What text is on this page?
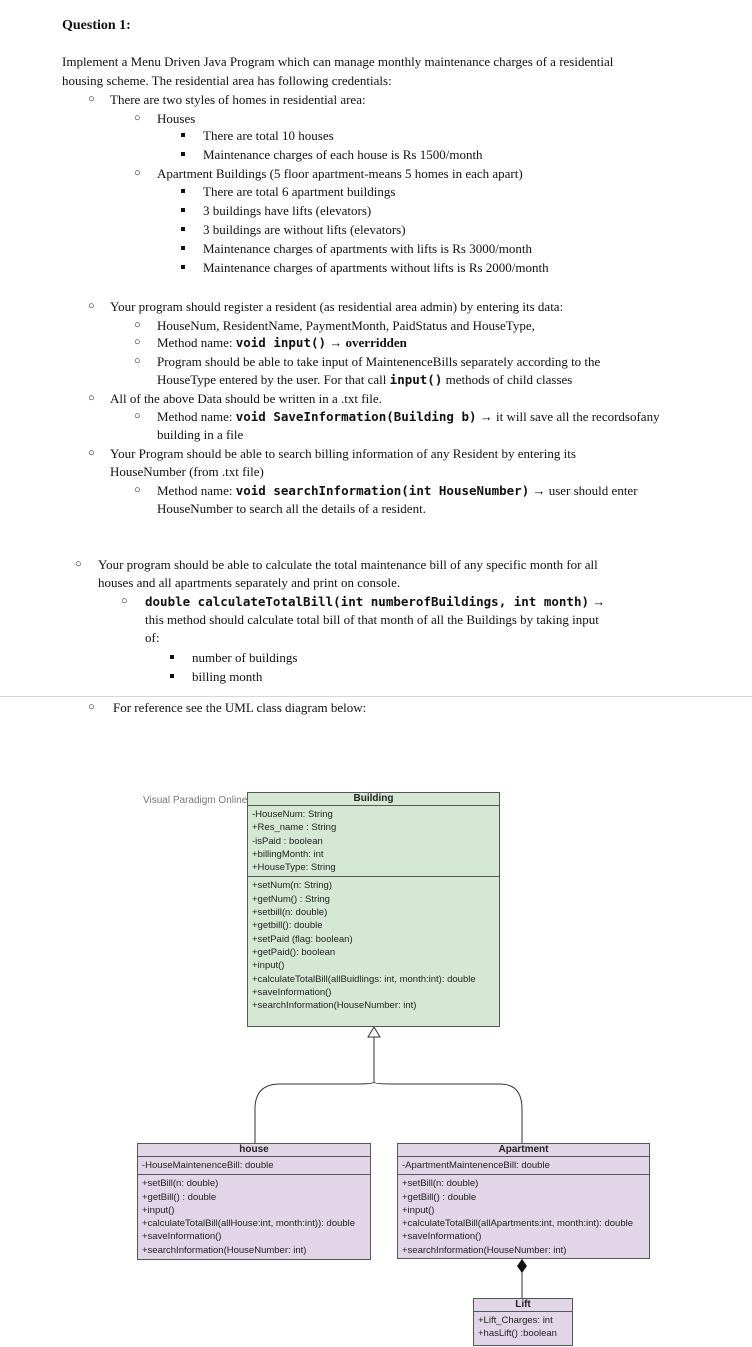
Question 1:
Implement a Menu Driven Java Program which can manage monthly maintenance charges of a residential
housing scheme. The residential area has following credentials:
○ There are two styles of homes in residential area:
○ Houses
There are total 10 houses
Maintenance charges of each house is Rs 1500/month
○ Apartment Buildings (5 floor apartment-means 5 homes in each apart)
There are total 6 apartment buildings
3 buildings have lifts (elevators)
3 buildings are without lifts (elevators)
Maintenance charges of apartments with lifts is Rs 3000/month
Maintenance charges of apartments without lifts is Rs 2000/month
○ Your program should register a resident (as residential area admin) by entering its data:
○ HouseNum, ResidentName, PaymentMonth, PaidStatus and HouseType,
○ Method name: void input() → overridden
○ Program should be able to take input of MaintenenceBills separately according to the
HouseType entered by the user. For that call input() methods of child classes
○ All of the above Data should be written in a .txt file.
○ Method name: void SaveInformation(Building b) → it will save all the recordsofany
building in a file
○ Your Program should be able to search billing information of any Resident by entering its
HouseNumber (from .txt file)
○ Method name: void searchInformation(int HouseNumber) → user should enter
HouseNumber to search all the details of a resident.
○ Your program should be able to calculate the total maintenance bill of any specific month for all
houses and all apartments separately and print on console.
○ double calculateTotalBill(int numberofBuildings, int month) →
this method should calculate total bill of that month of all the Buildings by taking input
of:
number of buildings
billing month
○ For reference see the UML class diagram below:
Visual Paradigm Online	Building
-HouseNum: String
+Res_name : String
-isPaid : boolean
+billingMonth: int
+HouseType: String
+setNum(n: String)
+getNum() : String
+setbill(n: double)
+getbill(): double
+setPaid (flag: boolean)
+getPaid(): boolean
+input()
+calculateTotalBill(allBuidlings: int, month:int): double
+saveInformation()
+searchInformation(HouseNumber: int)
house
-HouseMaintenenceBill: double
+setBill(n: double)
+getBill() : double
+input()
+calculateTotalBill(allHouse:int, month:int)): double
+saveInformation()
+searchInformation(HouseNumber: int)
Apartment
-ApartmentMaintenenceBill: double
+setBill(n: double)
+getBill() : double
+input()
+calculateTotalBill(allApartments:int, month:int): double
+saveInformation()
+searchInformation(HouseNumber: int)
Lift
+Lift_Charges: int
+hasLift() :boolean
